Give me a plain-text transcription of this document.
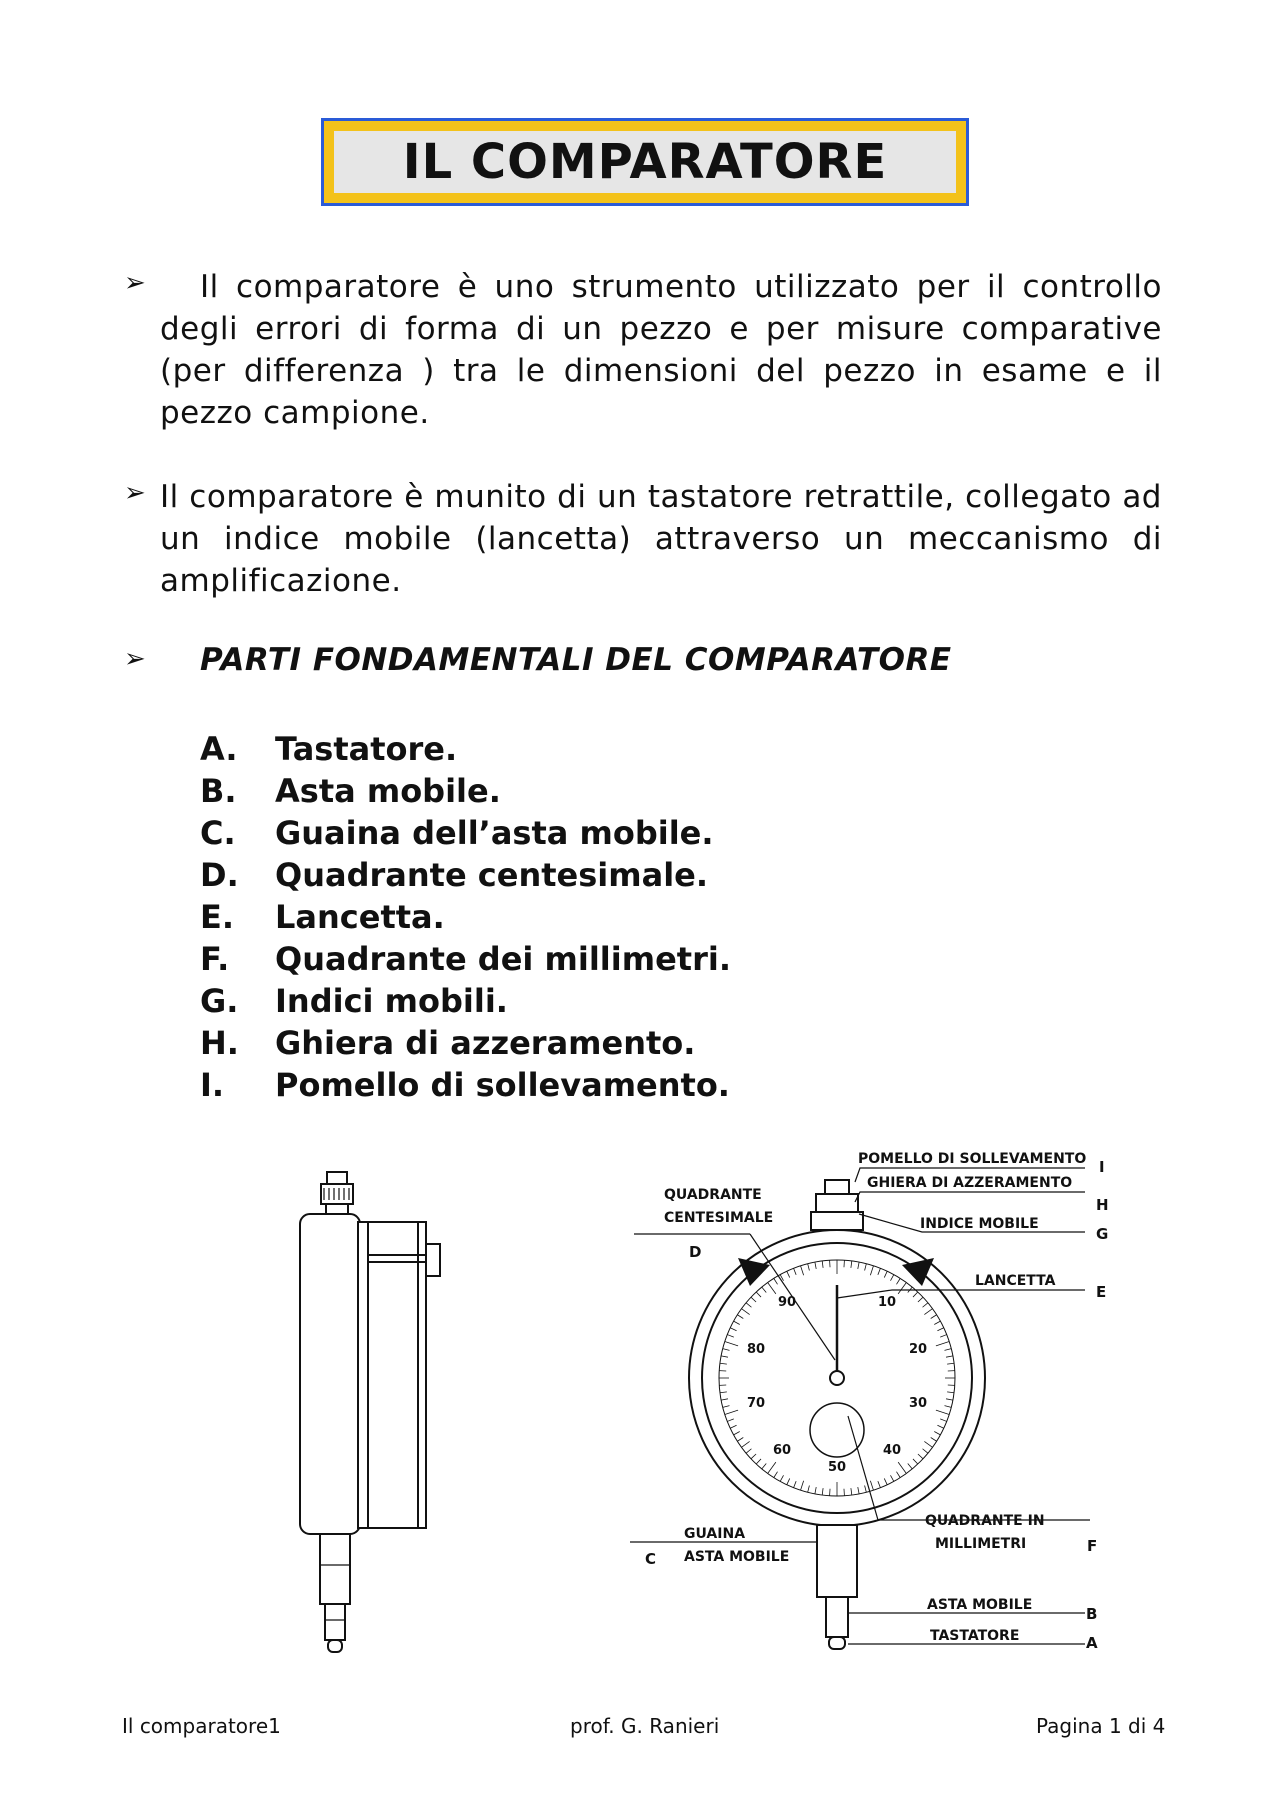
IL COMPARATORE
➢	Il comparatore è uno strumento utilizzato per il controllo degli errori di forma di un pezzo e per misure comparative (per differenza ) tra le dimensioni del pezzo in esame e il pezzo campione.
➢ Il comparatore è munito di un tastatore retrattile, collegato ad un indice mobile (lancetta) attraverso un meccanismo di amplificazione.
➢ PARTI FONDAMENTALI DEL COMPARATORE
A.	Tastatore.
B.	Asta mobile.
C.	Guaina dell’asta mobile.
D.	Quadrante centesimale.
E.	Lancetta.
F.	Quadrante dei millimetri.
G.	Indici mobili.
H.	Ghiera di azzeramento.
I.	Pomello di sollevamento.
10
20
30
40
50
60
70
80
90
POMELLO DI SOLLEVAMENTO
GHIERA DI AZZERAMENTO
INDICE MOBILE
LANCETTA
QUADRANTE
CENTESIMALE
GUAINA
ASTA MOBILE
QUADRANTE IN
MILLIMETRI
ASTA MOBILE
TASTATORE
I
H
G
E
D
F
B
A
C
Il comparatore1	prof. G. Ranieri	Pagina 1 di 4
